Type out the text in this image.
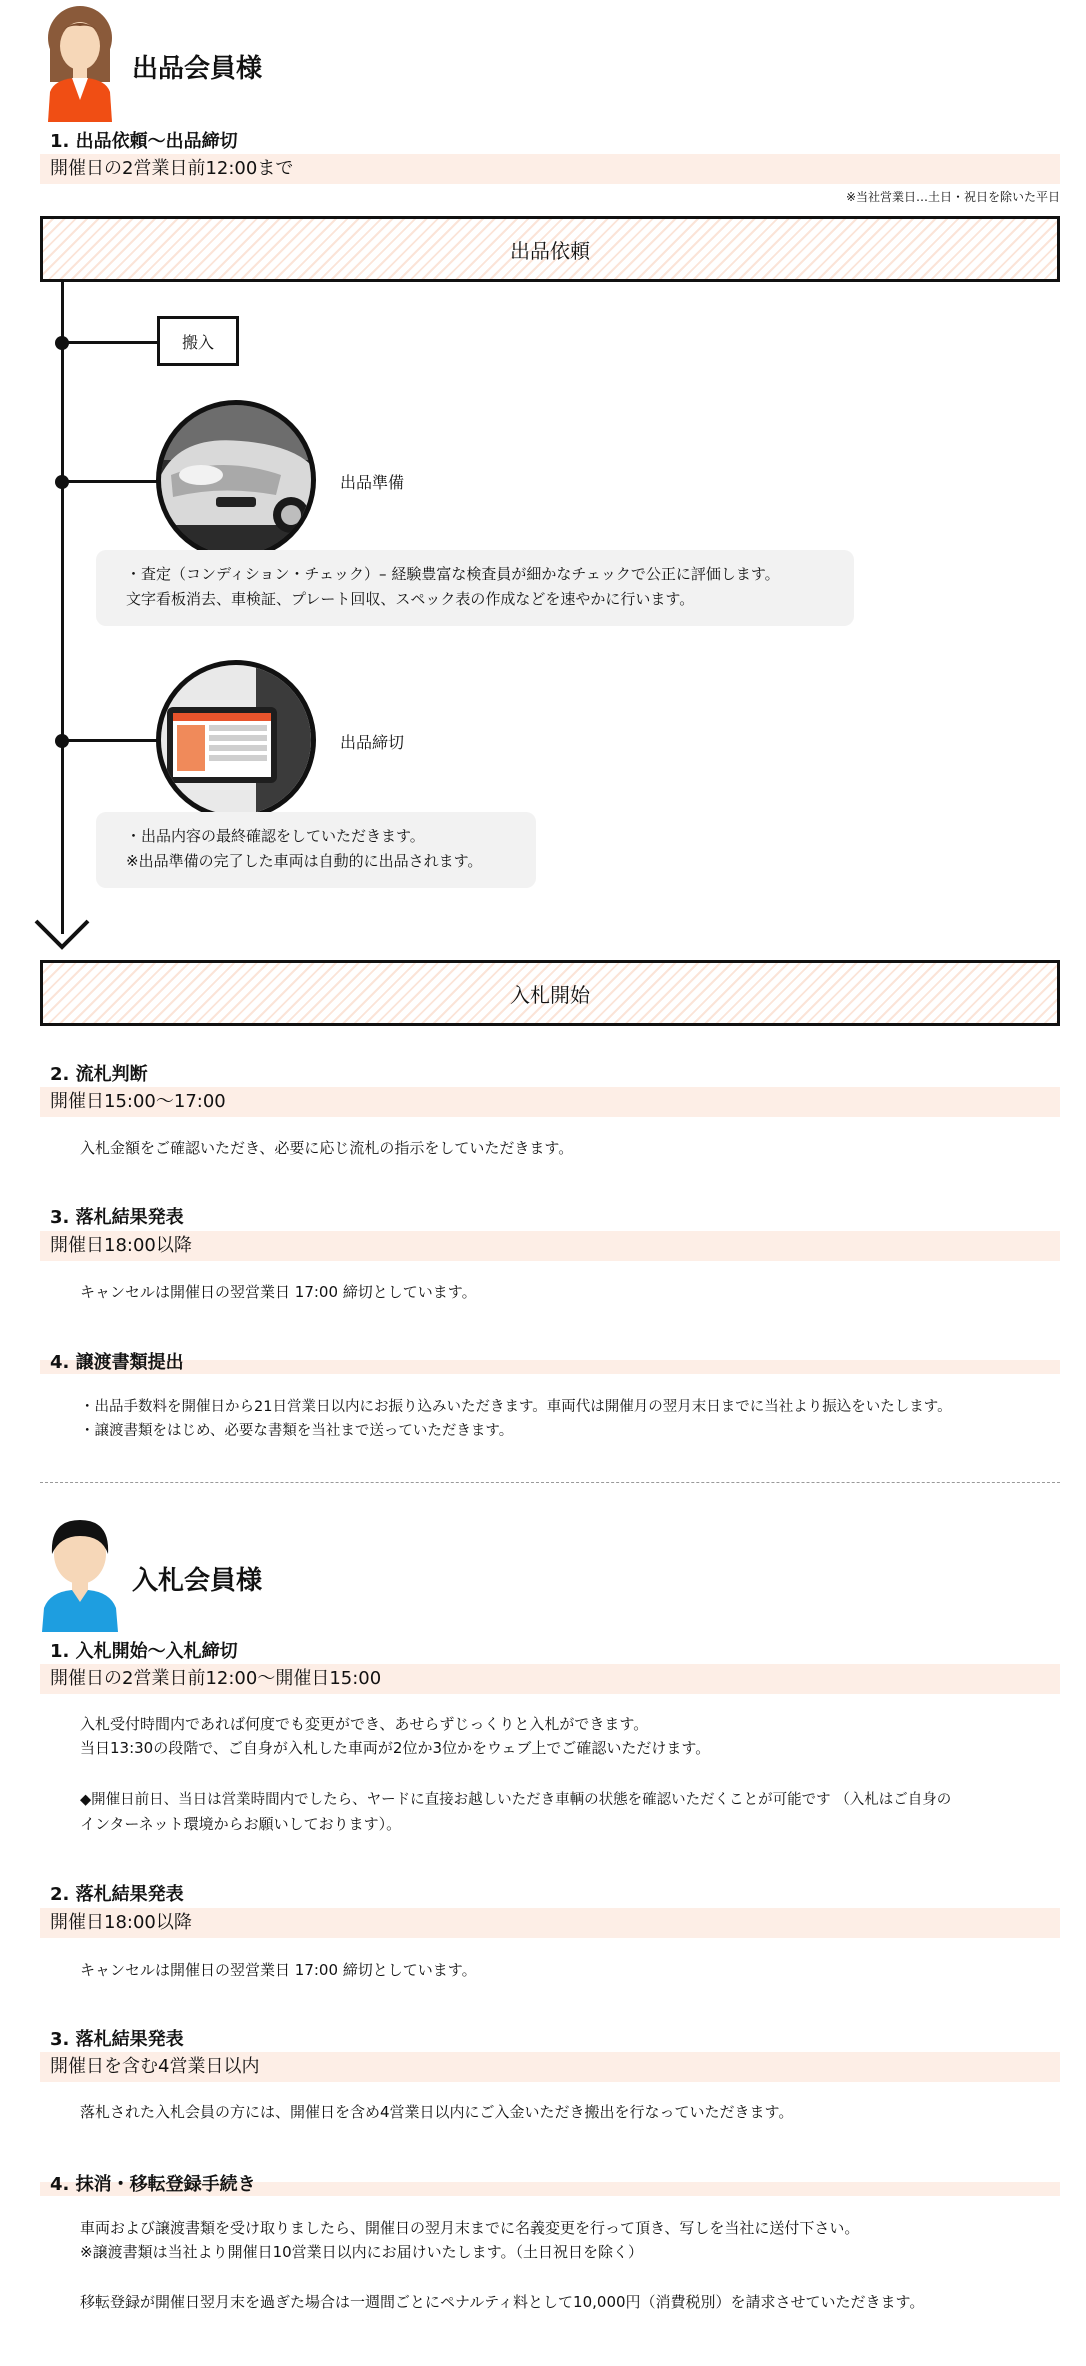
出品会員様
1. 出品依頼〜出品締切
開催日の2営業日前12:00まで
※当社営業日…土日・祝日を除いた平日
出品依頼
搬入
出品準備
・査定（コンディション・チェック）– 経験豊富な検査員が細かなチェックで公正に評価します。
文字看板消去、車検証、プレート回収、スペック表の作成などを速やかに行います。
出品締切
・出品内容の最終確認をしていただきます。
※出品準備の完了した車両は自動的に出品されます。
入札開始
2. 流札判断
開催日15:00〜17:00
入札金額をご確認いただき、必要に応じ流札の指示をしていただきます。
3. 落札結果発表
開催日18:00以降
キャンセルは開催日の翌営業日 17:00 締切としています。
4. 譲渡書類提出
・出品手数料を開催日から21日営業日以内にお振り込みいただきます。車両代は開催月の翌月末日までに当社より振込をいたします。
・譲渡書類をはじめ、必要な書類を当社まで送っていただきます。
入札会員様
1. 入札開始〜入札締切
開催日の2営業日前12:00〜開催日15:00
入札受付時間内であれば何度でも変更ができ、あせらずじっくりと入札ができます。
当日13:30の段階で、ご自身が入札した車両が2位か3位かをウェブ上でご確認いただけます。
◆開催日前日、当日は営業時間内でしたら、ヤードに直接お越しいただき車輌の状態を確認いただくことが可能です （入札はご自身の
インターネット環境からお願いしております）。
2. 落札結果発表
開催日18:00以降
キャンセルは開催日の翌営業日 17:00 締切としています。
3. 落札結果発表
開催日を含む4営業日以内
落札された入札会員の方には、開催日を含め4営業日以内にご入金いただき搬出を行なっていただきます。
4. 抹消・移転登録手続き
車両および譲渡書類を受け取りましたら、開催日の翌月末までに名義変更を行って頂き、写しを当社に送付下さい。
※譲渡書類は当社より開催日10営業日以内にお届けいたします。（土日祝日を除く）
移転登録が開催日翌月末を過ぎた場合は一週間ごとにペナルティ料として10,000円（消費税別）を請求させていただきます。
